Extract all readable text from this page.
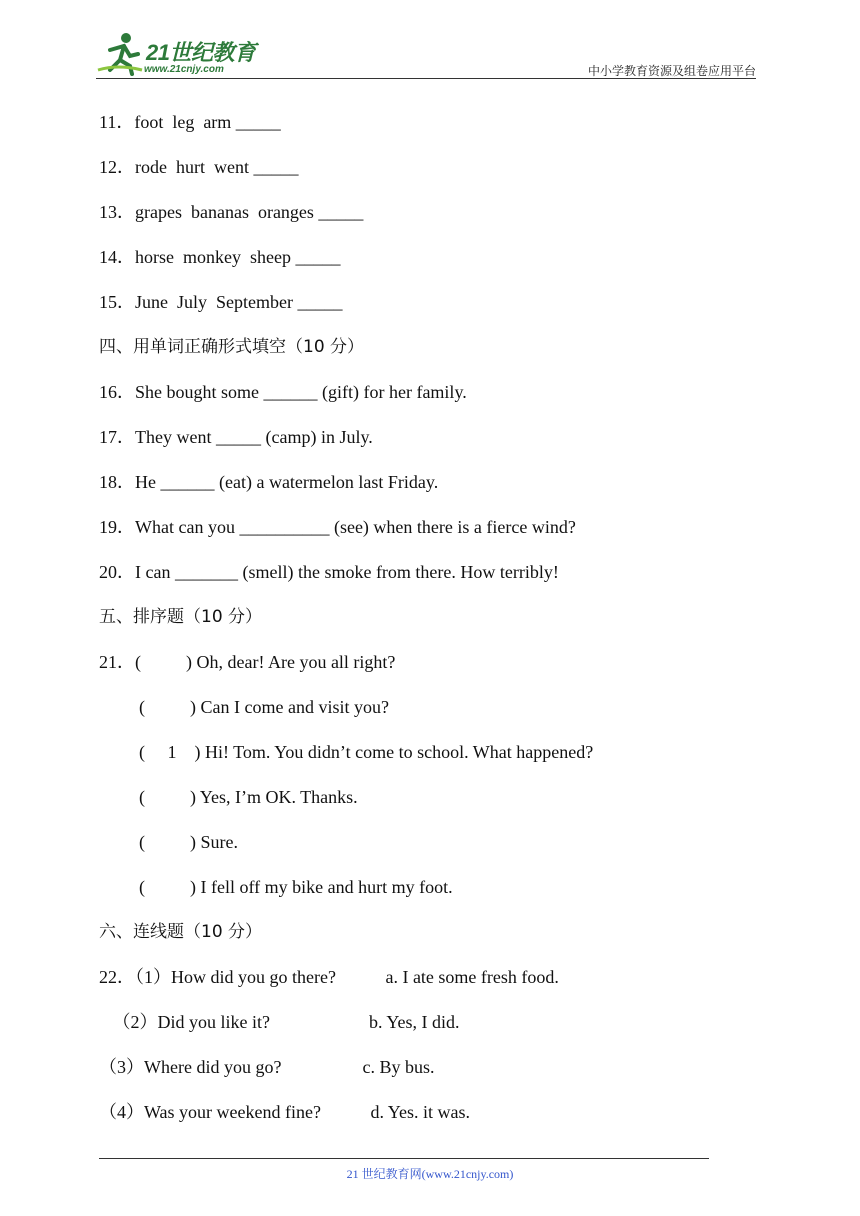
21世纪教育
www.21cnjy.com	中小学教育资源及组卷应用平台
11．foot  leg  arm _____
12．rode  hurt  went _____
13．grapes  bananas  oranges _____
14．horse  monkey  sheep _____
15．June  July  September _____
四、用单词正确形式填空（10 分）
16．She bought some ______ (gift) for her family.
17．They went _____ (camp) in July.
18．He ______ (eat) a watermelon last Friday.
19．What can you __________ (see) when there is a fierce wind?
20．I can _______ (smell) the smoke from there. How terribly!
五、排序题（10 分）
21．(          ) Oh, dear! Are you all right?
(          ) Can I come and visit you?
(     1    ) Hi! Tom. You didn’t come to school. What happened?
(          ) Yes, I’m OK. Thanks.
(          ) Sure.
(          ) I fell off my bike and hurt my foot.
六、连线题（10 分）
22．（1）How did you go there?           a. I ate some fresh food.
（2）Did you like it?                      b. Yes, I did.
（3）Where did you go?                  c. By bus.
（4）Was your weekend fine?           d. Yes. it was.
21 世纪教育网(www.21cnjy.com)
